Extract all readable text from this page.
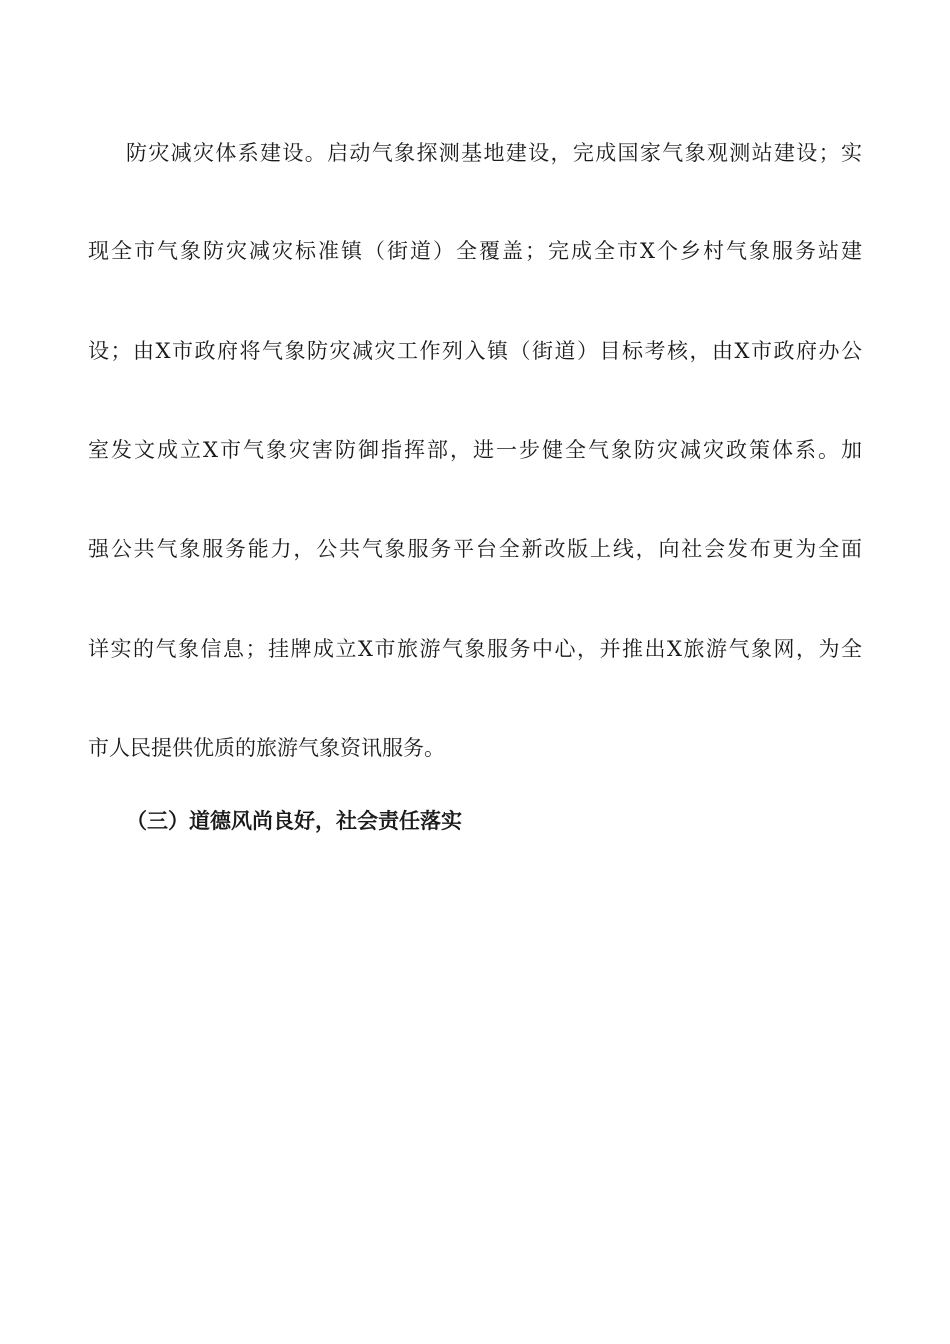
防灾减灾体系建设。启动气象探测基地建设，完成国家气象观测站建设；实
现全市气象防灾减灾标准镇（街道）全覆盖；完成全市X个乡村气象服务站建
设；由X市政府将气象防灾减灾工作列入镇（街道）目标考核，由X市政府办公
室发文成立X市气象灾害防御指挥部，进一步健全气象防灾减灾政策体系。加
强公共气象服务能力，公共气象服务平台全新改版上线，向社会发布更为全面
详实的气象信息；挂牌成立X市旅游气象服务中心，并推出X旅游气象网，为全
市人民提供优质的旅游气象资讯服务。
（三）道德风尚良好，社会责任落实
